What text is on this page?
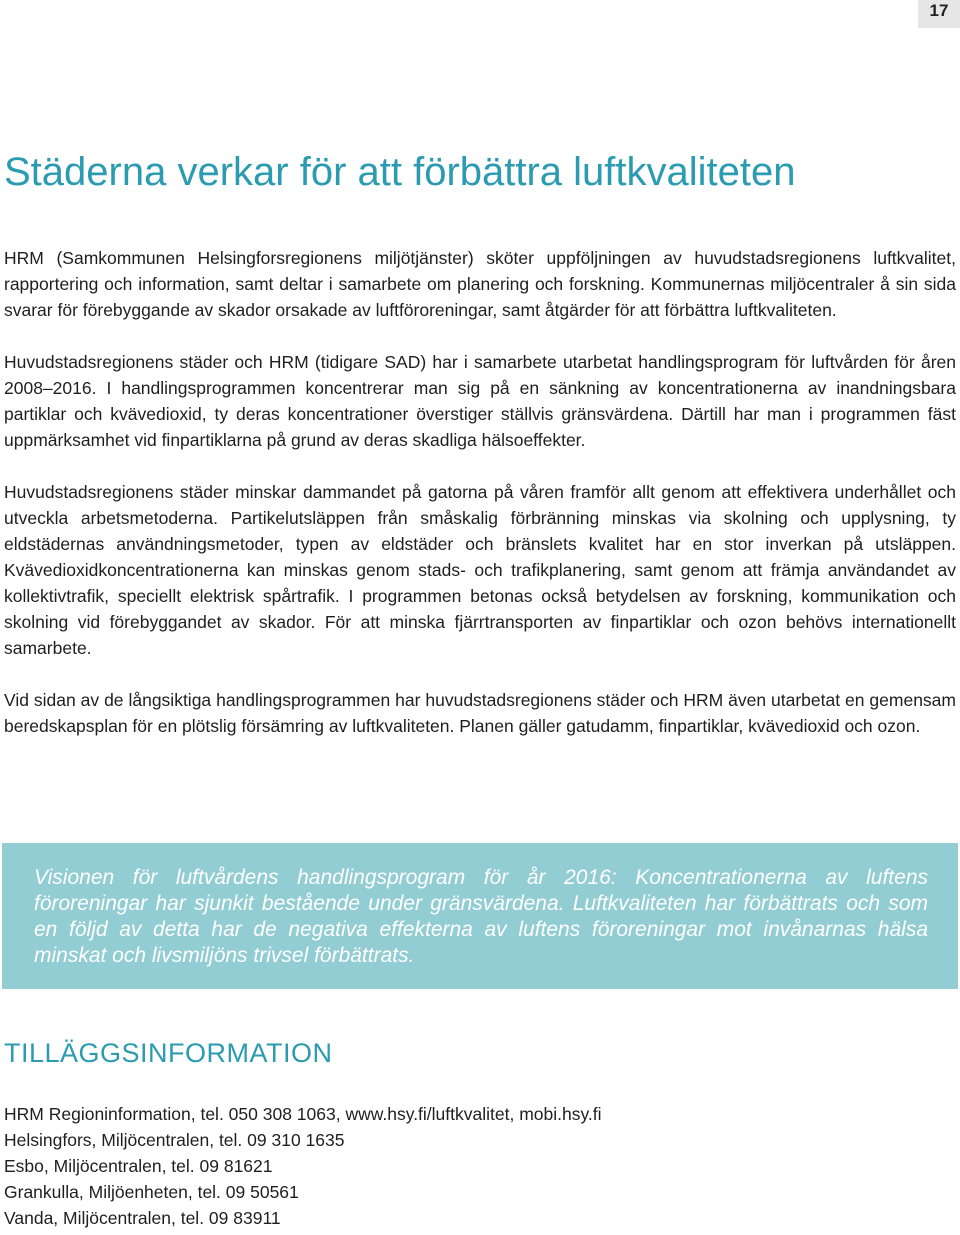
17
Städerna verkar för att förbättra luftkvaliteten

HRM (Samkommunen Helsingforsregionens miljötjänster) sköter uppföljningen av huvudstadsregionens luftkvalitet, rapportering och information, samt deltar i samarbete om planering och forskning. Kommunernas miljöcentraler å sin sida svarar för förebyggande av skador orsakade av luftföroreningar, samt åtgärder för att förbättra luftkvaliteten.

Huvudstadsregionens städer och HRM (tidigare SAD) har i samarbete utarbetat handlingsprogram för luftvården för åren 2008–2016. I handlingsprogrammen koncentrerar man sig på en sänkning av koncentrationerna av inandningsbara partiklar och kvävedioxid, ty deras koncentrationer överstiger ställvis gränsvärdena. Därtill har man i programmen fäst uppmärksamhet vid finpartiklarna på grund av deras skadliga hälsoeffekter.

Huvudstadsregionens städer minskar dammandet på gatorna på våren framför allt genom att effektivera underhållet och utveckla arbetsmetoderna. Partikelutsläppen från småskalig förbränning minskas via skolning och upplysning, ty eldstädernas användningsmetoder, typen av eldstäder och bränslets kvalitet har en stor inverkan på utsläppen. Kvävedioxidkoncentrationerna kan minskas genom stads- och trafikplanering, samt genom att främja användandet av kollektivtrafik, speciellt elektrisk spårtrafik. I programmen betonas också betydelsen av forskning, kommunikation och skolning vid förebyggandet av skador. För att minska fjärrtransporten av finpartiklar och ozon behövs internationellt samarbete.

Vid sidan av de långsiktiga handlingsprogrammen har huvudstadsregionens städer och HRM även utarbetat en gemensam beredskapsplan för en plötslig försämring av luftkvaliteten. Planen gäller gatudamm, finpartiklar, kvävedioxid och ozon.

Visionen för luftvårdens handlingsprogram för år 2016: Koncentrationerna av luftens föroreningar har sjunkit bestående under gränsvärdena. Luftkvaliteten har förbättrats och som en följd av detta har de negativa effekterna av luftens föroreningar mot invånarnas hälsa minskat och livsmiljöns trivsel förbättrats.

TILLÄGGSINFORMATION
HRM Regioninformation, tel. 050 308 1063, www.hsy.fi/luftkvalitet, mobi.hsy.fi
Helsingfors, Miljöcentralen, tel. 09 310 1635
Esbo, Miljöcentralen, tel. 09 81621
Grankulla, Miljöenheten, tel. 09 50561
Vanda, Miljöcentralen, tel. 09 83911
